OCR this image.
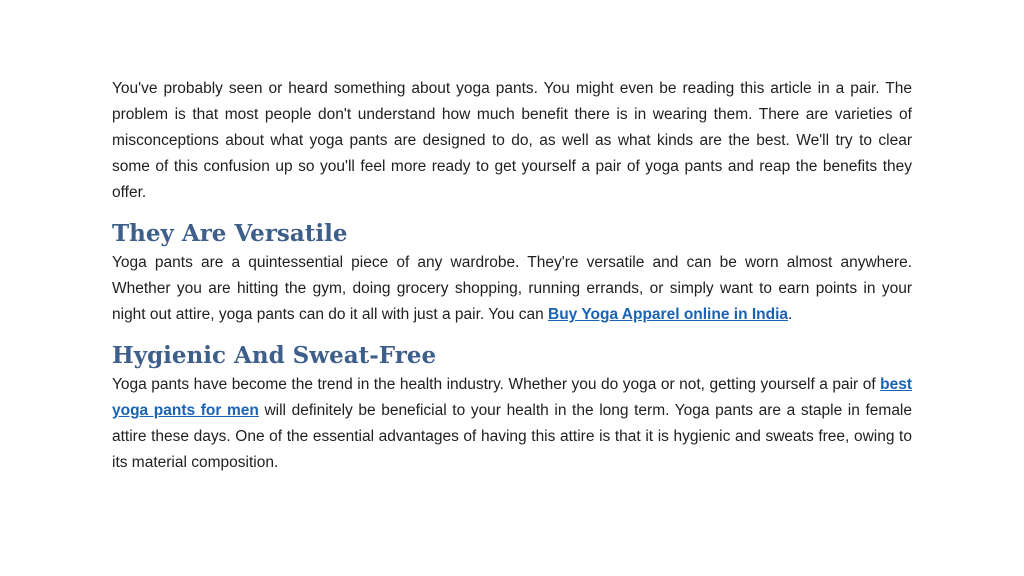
You've probably seen or heard something about yoga pants. You might even be reading this article in a pair. The problem is that most people don't understand how much benefit there is in wearing them. There are varieties of misconceptions about what yoga pants are designed to do, as well as what kinds are the best. We'll try to clear some of this confusion up so you'll feel more ready to get yourself a pair of yoga pants and reap the benefits they offer.

They Are Versatile

Yoga pants are a quintessential piece of any wardrobe. They're versatile and can be worn almost anywhere. Whether you are hitting the gym, doing grocery shopping, running errands, or simply want to earn points in your night out attire, yoga pants can do it all with just a pair. You can Buy Yoga Apparel online in India.

Hygienic And Sweat-Free

Yoga pants have become the trend in the health industry. Whether you do yoga or not, getting yourself a pair of best yoga pants for men will definitely be beneficial to your health in the long term. Yoga pants are a staple in female attire these days. One of the essential advantages of having this attire is that it is hygienic and sweats free, owing to its material composition.
